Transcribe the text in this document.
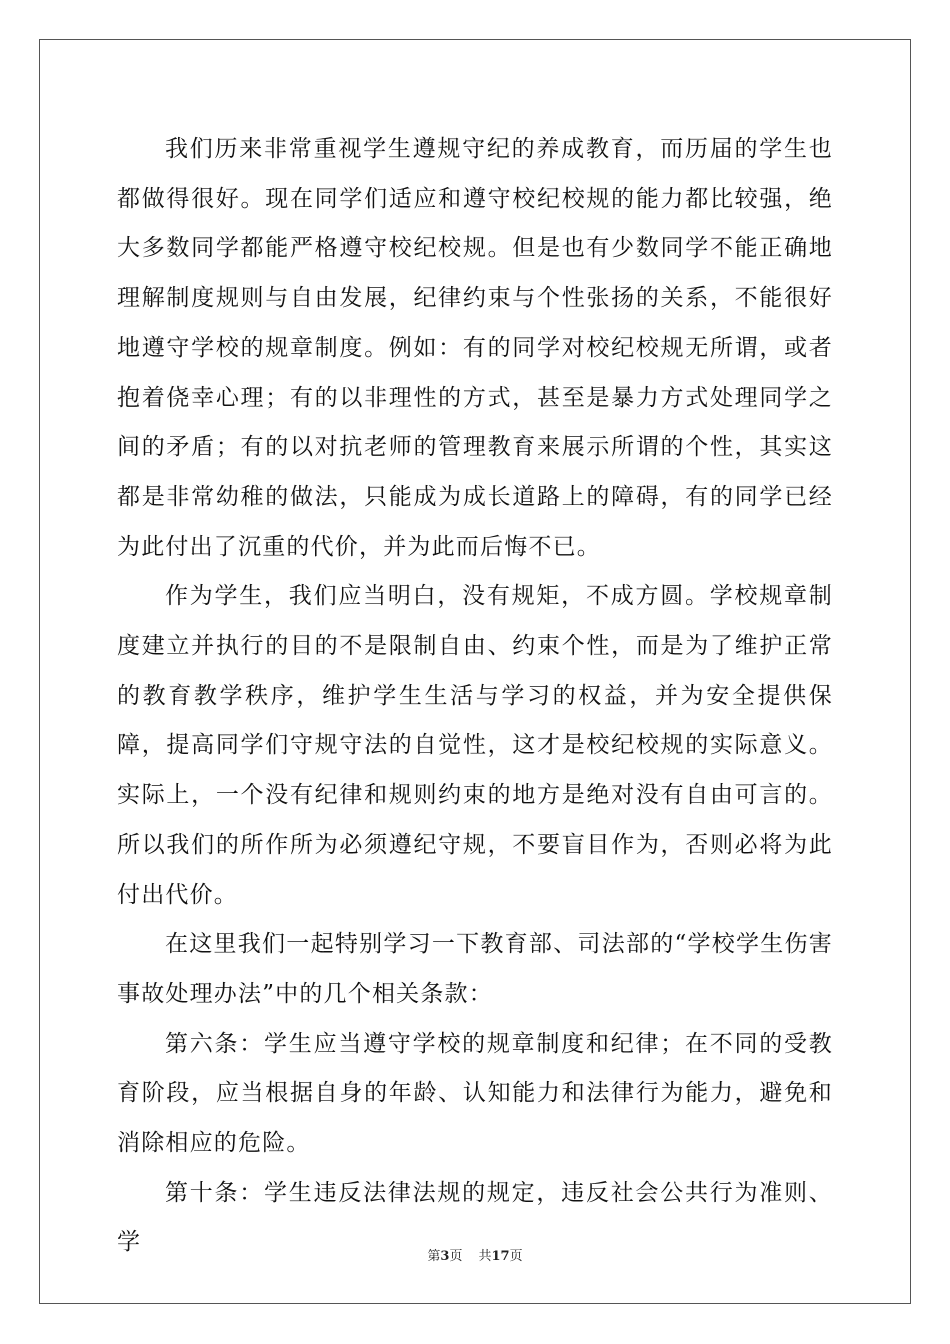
我们历来非常重视学生遵规守纪的养成教育，而历届的学生也都做得很好。现在同学们适应和遵守校纪校规的能力都比较强，绝大多数同学都能严格遵守校纪校规。但是也有少数同学不能正确地理解制度规则与自由发展，纪律约束与个性张扬的关系，不能很好地遵守学校的规章制度。例如：有的同学对校纪校规无所谓，或者抱着侥幸心理；有的以非理性的方式，甚至是暴力方式处理同学之间的矛盾；有的以对抗老师的管理教育来展示所谓的个性，其实这都是非常幼稚的做法，只能成为成长道路上的障碍，有的同学已经为此付出了沉重的代价，并为此而后悔不已。

作为学生，我们应当明白，没有规矩，不成方圆。学校规章制度建立并执行的目的不是限制自由、约束个性，而是为了维护正常的教育教学秩序，维护学生生活与学习的权益，并为安全提供保障，提高同学们守规守法的自觉性，这才是校纪校规的实际意义。实际上，一个没有纪律和规则约束的地方是绝对没有自由可言的。所以我们的所作所为必须遵纪守规，不要盲目作为，否则必将为此付出代价。

在这里我们一起特别学习一下教育部、司法部的“学校学生伤害事故处理办法”中的几个相关条款：

第六条：学生应当遵守学校的规章制度和纪律；在不同的受教育阶段，应当根据自身的年龄、认知能力和法律行为能力，避免和消除相应的危险。

第十条：学生违反法律法规的规定，违反社会公共行为准则、学

第3页 共17页
